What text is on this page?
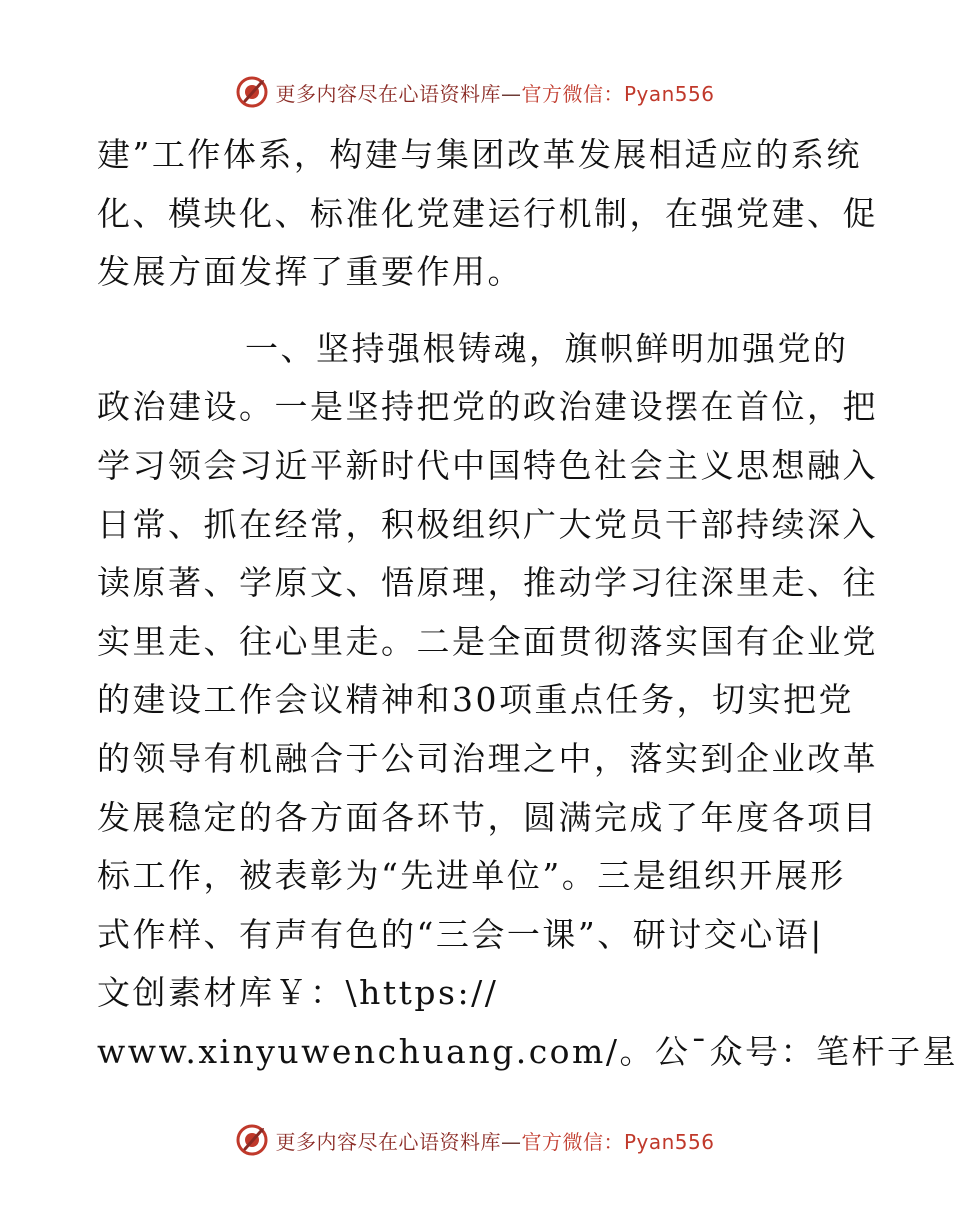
更多内容尽在心语资料库—官方微信：Pyan556
建”工作体系，构建与集团改革发展相适应的系统
化、模块化、标准化党建运行机制，在强党建、促
发展方面发挥了重要作用。
一、坚持强根铸魂，旗帜鲜明加强党的
政治建设。一是坚持把党的政治建设摆在首位，把
学习领会习近平新时代中国特色社会主义思想融入
日常、抓在经常，积极组织广大党员干部持续深入
读原著、学原文、悟原理，推动学习往深里走、往
实里走、往心里走。二是全面贯彻落实国有企业党
的建设工作会议精神和30项重点任务，切实把党
的领导有机融合于公司治理之中，落实到企业改革
发展稳定的各方面各环节，圆满完成了年度各项目
标工作，被表彰为“先进单位”。三是组织开展形
式作样、有声有色的“三会一课”、研讨交心语|
文创素材库￥：\https://
www.xinyuwenchuang.com/。公¯众号：笔杆子星
更多内容尽在心语资料库—官方微信：Pyan556
